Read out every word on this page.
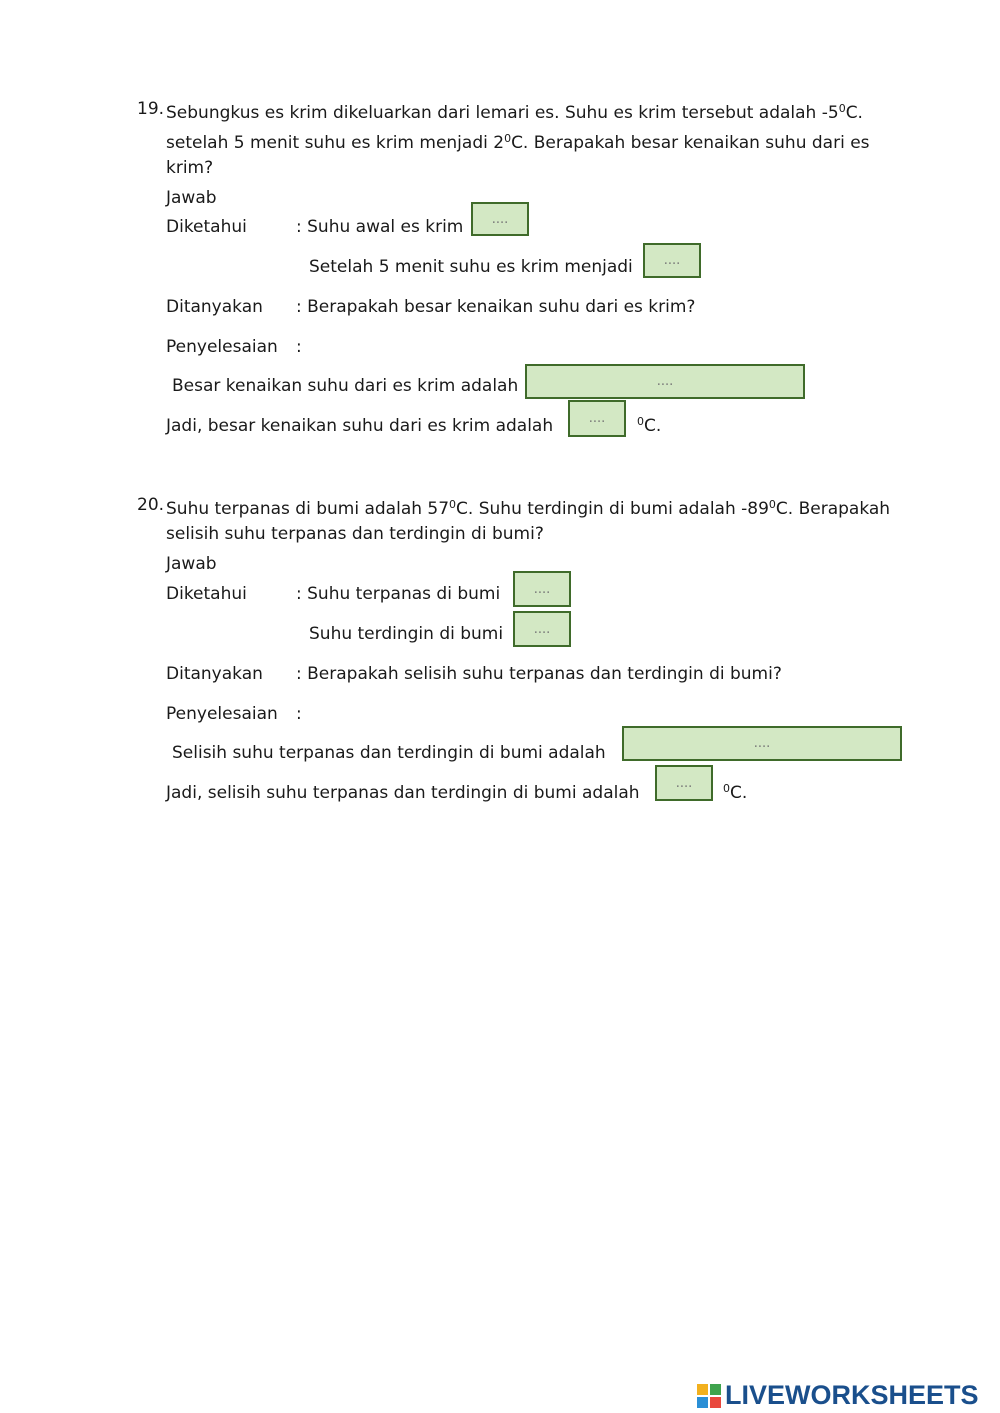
19. Sebungkus es krim dikeluarkan dari lemari es. Suhu es krim tersebut adalah $-5^0C$.
setelah 5 menit suhu es krim menjadi $2^0C$. Berapakah besar kenaikan suhu dari es
krim?
Jawab
Diketahui	: Suhu awal es krim
....
Setelah 5 menit suhu es krim menjadi
....
Ditanyakan : Berapakah besar kenaikan suhu dari es krim?
Penyelesaian :
Besar kenaikan suhu dari es krim adalah
....
Jadi, besar kenaikan suhu dari es krim adalah
....	$^0$C.
20. Suhu terpanas di bumi adalah $57^0C$. Suhu terdingin di bumi adalah $-89^0C$. Berapakah
selisih suhu terpanas dan terdingin di bumi?
Jawab
Diketahui	: Suhu terpanas di bumi
....
Suhu terdingin di bumi
....
Ditanyakan : Berapakah selisih suhu terpanas dan terdingin di bumi?
Penyelesaian :
Selisih suhu terpanas dan terdingin di bumi adalah
....
Jadi, selisih suhu terpanas dan terdingin di bumi adalah
....	$^0$C.
LIVEWORKSHEETS
